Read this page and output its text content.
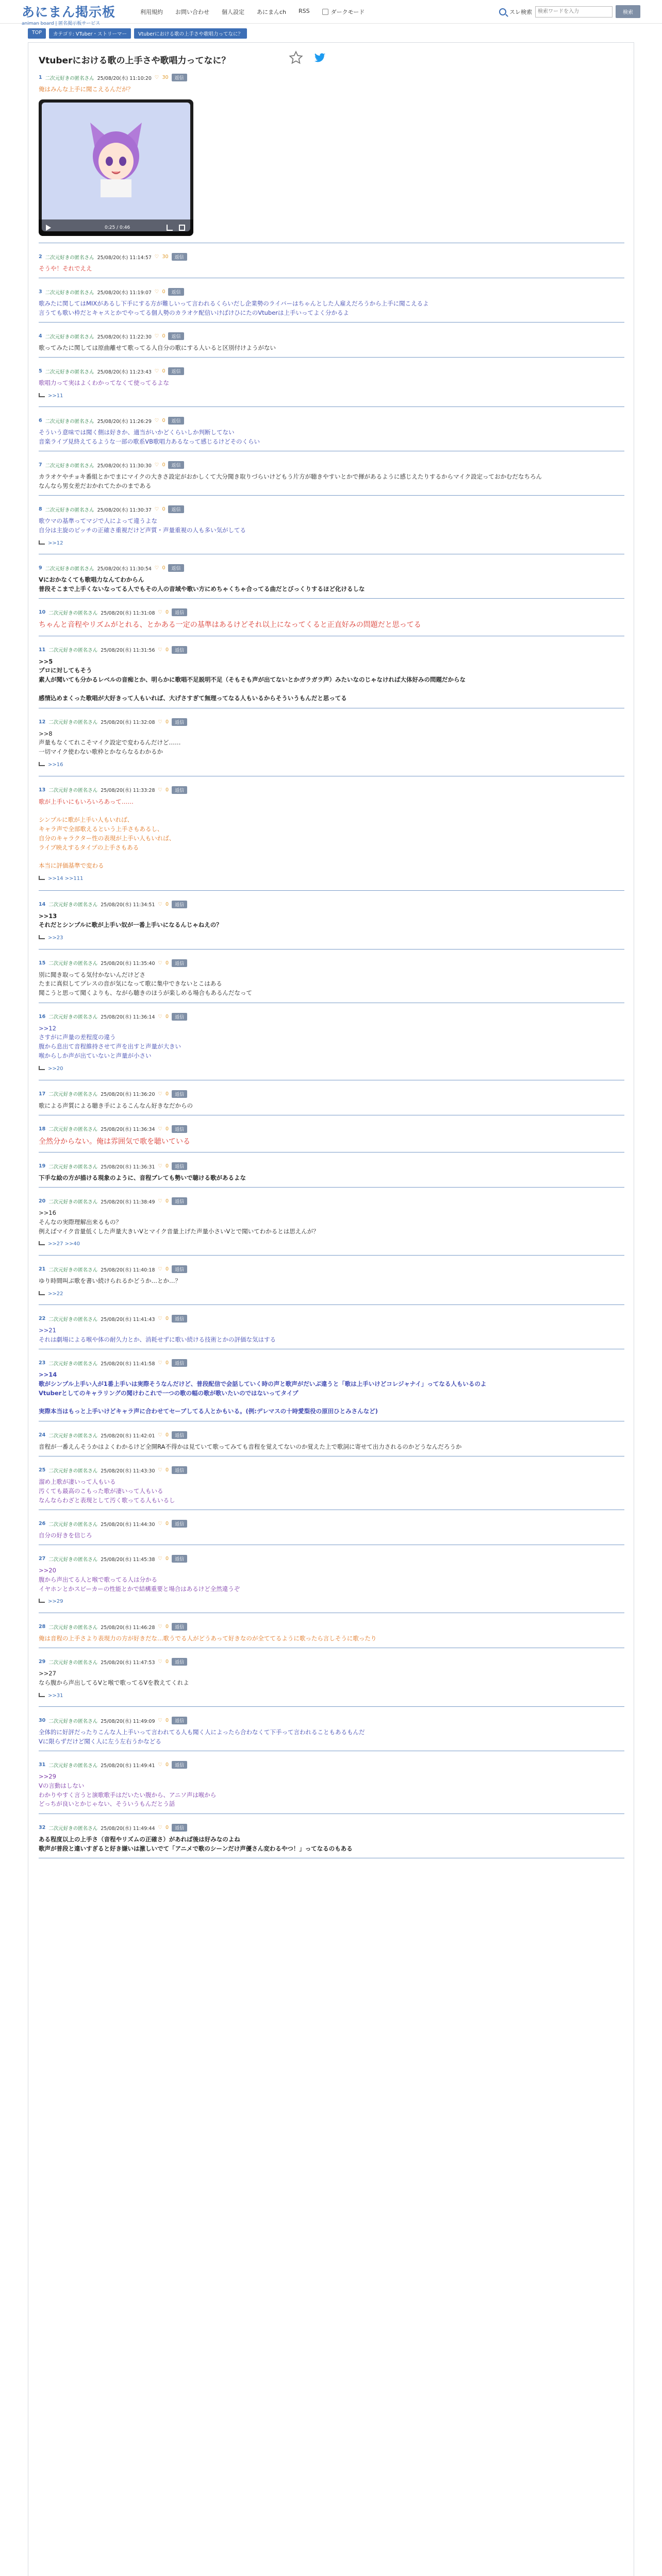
あにまん掲示板
animan board | 匿名掲示板サービス
利用規約 お問い合わせ 個人設定 あにまんch RSS	ダークモード	スレ検索
検索ワードを入力	検索
TOP	カテゴリ: VTuber・ストリーマー	Vtuberにおける歌の上手さや歌唱力ってなに？
Vtuberにおける歌の上手さや歌唱力ってなに？
1 二次元好きの匿名さん 25/08/20(水) 11:10:20 ♡ 30	返信

俺はみんな上手に聞こえるんだが？

0:25 / 0:46
2 二次元好きの匿名さん 25/08/20(水) 11:14:57 ♡ 30	返信

そうや！それでええ

3 二次元好きの匿名さん 25/08/20(水) 11:19:07 ♡ 0	返信

歌みたに関してはMIXがあるし下手にする方が難しいって言われるくらいだし企業勢のライバーはちゃんとした人雇えだろうから上手に聞こえるよ
言うても歌い枠だとキャスとかでやってる個人勢のカラオケ配信いけばけひにたのVtuberは上手いってよく分かるよ

4 二次元好きの匿名さん 25/08/20(水) 11:22:30 ♡ 0	返信

歌ってみたに関しては原曲離せて歌ってる人自分の歌にする人いると区別付けようがない

5 二次元好きの匿名さん 25/08/20(水) 11:23:43 ♡ 0	返信

歌唱力って実はよくわかってなくて使ってるよな

>>11
6 二次元好きの匿名さん 25/08/20(水) 11:26:29 ♡ 0	返信

そういう意味では聞く側は好きか、適当がいかどくらいしか判断してない
音楽ライブ見終えてるような一部の歌系VB歌唱力あるなって感じるけどそのくらい

7 二次元好きの匿名さん 25/08/20(水) 11:30:30 ♡ 0	返信

カラオケやチョキ番組とかでまにマイクの大きさ設定がおかしくて大分聞き取りづらいけどもう片方が聴きやすいとかで揮があるように感じえたりするからマイク設定っておかむだなちろん
なんなら男女差だおかれてたかのまである

8 二次元好きの匿名さん 25/08/20(水) 11:30:37 ♡ 0	返信

歌ウマの基準ってマジで人によって違うよな
自分は主旋のピッチの正確さ重視だけど声質・声量重視の人も多い気がしてる

>>12
9 二次元好きの匿名さん 25/08/20(水) 11:30:54 ♡ 0	返信

Vにおかなくても歌唱力なんてわからん
普段そこまで上手くないなってる人でもその人の音域や歌い方にめちゃくちゃ合ってる曲だとびっくりするほど化けるしな

10 二次元好きの匿名さん 25/08/20(水) 11:31:08 ♡ 0	返信

ちゃんと音程やリズムがとれる、とかある一定の基準はあるけどそれ以上になってくると正直好みの問題だと思ってる

11 二次元好きの匿名さん 25/08/20(水) 11:31:56 ♡ 0	返信

>>5
プロに対してもそう
素人が聞いても分かるレベルの音痴とか、明らかに歌唱不足説明不足（そもそも声が出てないとかガラガラ声）みたいなのじゃなければ大体好みの問題だからな

感情込めまくった歌唱が大好きって人もいれば、大げさすぎて無理ってなる人もいるからそういうもんだと思ってる

12 二次元好きの匿名さん 25/08/20(水) 11:32:08 ♡ 0	返信

>>8
声量もなくてれこそマイク設定で変わるんだけど……
一切マイク使わない歌枠とかならなるわかるか

>>16
13 二次元好きの匿名さん 25/08/20(水) 11:33:28 ♡ 0	返信

歌が上手いにもいろいろあって……

シンプルに歌が上手い人もいれば、
キャラ声で全部歌えるという上手さもあるし、
自分のキャラクター性の表現が上手い人もいれば、
ライブ映えするタイプの上手さもある

本当に評価基準で変わる

>>14 >>111
14 二次元好きの匿名さん 25/08/20(水) 11:34:51 ♡ 0	返信

>>13
それだとシンプルに歌が上手い奴が一番上手いになるんじゃねえの？

>>23
15 二次元好きの匿名さん 25/08/20(水) 11:35:40 ♡ 0	返信

別に聞き取ってる気付かないんだけどさ
たまに真似してブレスの音が気になって歌に集中できないとこはある
聞こうと思って聞くよりも、ながら聴きのほうが楽しめる場合もあるんだなって

16 二次元好きの匿名さん 25/08/20(水) 11:36:14 ♡ 0	返信

>>12
さすがに声量の差程度の違う
腹から息出て音程維持させて声を出すと声量が大きい
喉からしか声が出ていないと声量が小さい

>>20
17 二次元好きの匿名さん 25/08/20(水) 11:36:20 ♡ 0	返信

歌による声質による聴き手によるこんなん好きなだからの

18 二次元好きの匿名さん 25/08/20(水) 11:36:34 ♡ 0	返信

全然分からない。俺は雰囲気で歌を聴いている

19 二次元好きの匿名さん 25/08/20(水) 11:36:31 ♡ 0	返信

下手な絵の方が描ける現象のように、音程ブレても勢いで聴ける歌があるよな

20 二次元好きの匿名さん 25/08/20(水) 11:38:49 ♡ 0	返信

>>16
そんなの実際理解出来るもの？
例えばマイク音量低くした声量大きいVとマイク音量上げた声量小さいVとで聞いてわかるとは思えんが？

>>27 >>40
21 二次元好きの匿名さん 25/08/20(水) 11:40:18 ♡ 0	返信

ゆり時間叫ぶ歌を書い続けられるかどうか…とか…？

>>22
22 二次元好きの匿名さん 25/08/20(水) 11:41:43 ♡ 0	返信

>>21
それは劇場による喉や体の耐久力とか、消耗せずに歌い続ける技術とかの評価な気はする

23 二次元好きの匿名さん 25/08/20(水) 11:41:58 ♡ 0	返信

>>14
歌がシンプル上手い人が1番上手いは実際そうなんだけど、普段配信で会話していく時の声と歌声がだいぶ違うと「歌は上手いけどコレジャナイ」ってなる人もいるのよ
Vtuberとしてのキャラリングの聞けわこれで一つの歌の幅の歌が歌いたいのではないってタイプ

実際本当はもっと上手いけどキャラ声に合わせてセーブしてる人とかもいる。(例:デレマスの十時愛梨役の原田ひとみさんなど)

24 二次元好きの匿名さん 25/08/20(水) 11:42:01 ♡ 0	返信

音程が一番えんそうかはよくわかるけど全開RA不得かは見ていて歌ってみても音程を覚えてないのか覚えた上で歌詞に寄せて出力されるのかどうなんだろうか

25 二次元好きの匿名さん 25/08/20(水) 11:43:30 ♡ 0	返信

溜め上歌が凄いって人もいる
汚くても最高のこもった歌が凄いって人もいる
なんならわざと表現として汚く歌ってる人もいるし

26 二次元好きの匿名さん 25/08/20(水) 11:44:30 ♡ 0	返信

自分の好きを信じろ

27 二次元好きの匿名さん 25/08/20(水) 11:45:38 ♡ 0	返信

>>20
腹から声出てる人と喉で歌ってる人は分かる
イヤホンとかスピーカーの性能とかで結構重要と場合はあるけど全然違うぞ

>>29
28 二次元好きの匿名さん 25/08/20(水) 11:46:28 ♡ 0	返信

俺は音程の上手さより表現力の方が好きだな…歌うでる人がどうあって好きなのが全ててるように歌ったら言しそうに歌ったり

29 二次元好きの匿名さん 25/08/20(水) 11:47:53 ♡ 0	返信

>>27
なら腹から声出してるVと喉で歌ってるVを教えてくれよ

>>31
30 二次元好きの匿名さん 25/08/20(水) 11:49:09 ♡ 0	返信

全体的に好評だったりこんな人上手いって言われてる人も聞く人によったら合わなくて下手って言われることもあるもんだ
Vに限らずだけど聞く人に左う左右うかなどる

31 二次元好きの匿名さん 25/08/20(水) 11:49:41 ♡ 0	返信

>>29
Vの言動はしない
わかりやすく言うと演歌歌手はだいたい腹から、アニソ声は喉から
どっちが良いとかじゃない、そういうもんだとう話

32 二次元好きの匿名さん 25/08/20(水) 11:49:44 ♡ 0	返信

ある程度以上の上手さ（音程やリズムの正確さ）があれば後は好みなのよね
歌声が普段と違いすぎると好き嫌いは激しいでて「アニメで歌のシーンだけ声優さん変わるやつ！」ってなるのもある
